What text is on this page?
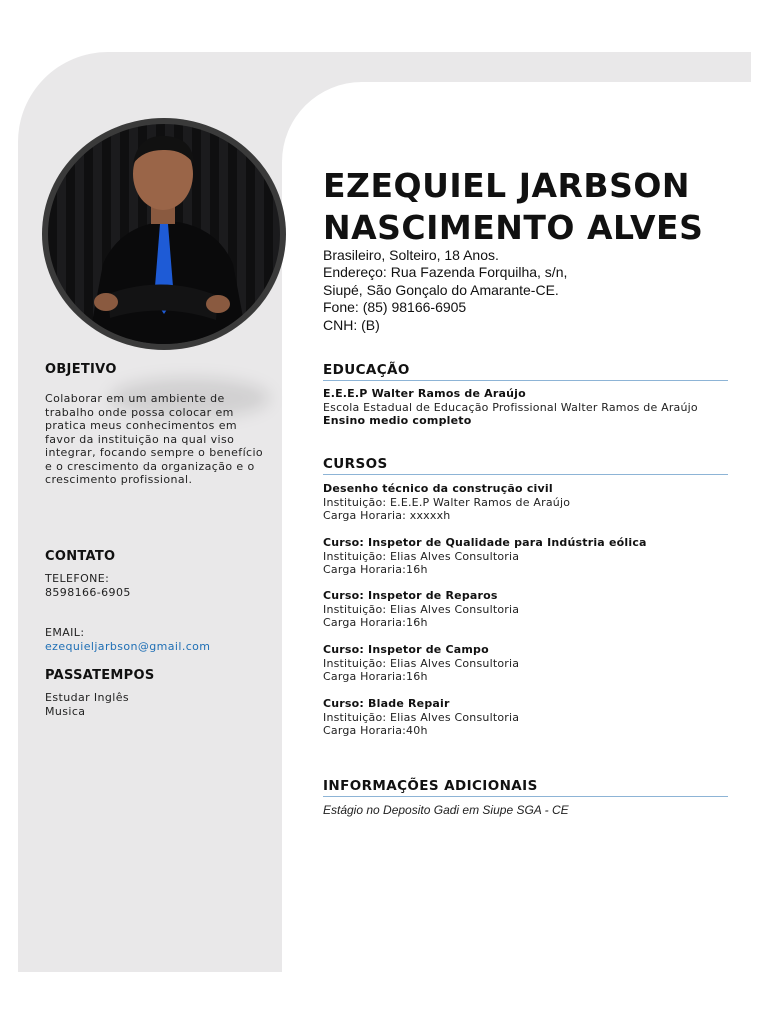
OBJETIVO
Colaborar em um ambiente de
trabalho onde possa colocar em
pratica meus conhecimentos em
favor da instituição na qual viso
integrar, focando sempre o benefício
e o crescimento da organização e o
crescimento profissional.
CONTATO
TELEFONE:
8598166-6905
EMAIL:
ezequieljarbson@gmail.com
PASSATEMPOS
Estudar Inglês
Musica
EZEQUIEL JARBSON
NASCIMENTO ALVES
Brasileiro, Solteiro, 18 Anos.
Endereço: Rua Fazenda Forquilha, s/n,
Siupé, São Gonçalo do Amarante-CE.
Fone: (85) 98166-6905
CNH: (B)
EDUCAÇÃO
E.E.E.P Walter Ramos de Araújo
Escola Estadual de Educação Profissional Walter Ramos de Araújo
Ensino medio completo
CURSOS
Desenho técnico da construção civil
Instituição: E.E.E.P Walter Ramos de Araújo
Carga Horaria: xxxxxh
Curso: Inspetor de Qualidade para Indústria eólica
Instituição: Elias Alves Consultoria
Carga Horaria:16h
Curso: Inspetor de Reparos
Instituição: Elias Alves Consultoria
Carga Horaria:16h
Curso: Inspetor de Campo
Instituição: Elias Alves Consultoria
Carga Horaria:16h
Curso: Blade Repair
Instituição: Elias Alves Consultoria
Carga Horaria:40h
INFORMAÇÕES ADICIONAIS
Estágio no Deposito Gadi em Siupe SGA - CE
